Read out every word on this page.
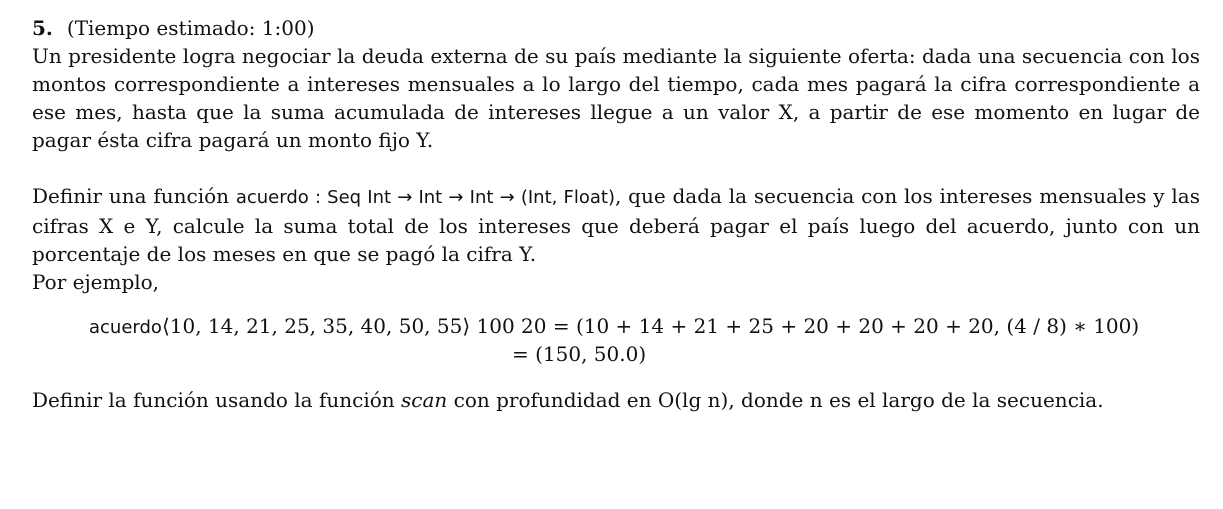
5. (Tiempo estimado: 1:00)

Un presidente logra negociar la deuda externa de su país mediante la siguiente oferta: dada una secuencia con los montos correspondiente a intereses mensuales a lo largo del tiempo, cada mes pagará la cifra correspondiente a ese mes, hasta que la suma acumulada de intereses llegue a un valor X, a partir de ese momento en lugar de pagar ésta cifra pagará un monto fijo Y.

Definir una función acuerdo : Seq Int → Int → Int → (Int, Float), que dada la secuencia con los intereses mensuales y las cifras X e Y, calcule la suma total de los intereses que deberá pagar el país luego del acuerdo, junto con un porcentaje de los meses en que se pagó la cifra Y.

Por ejemplo,

acuerdo⟨10, 14, 21, 25, 35, 40, 50, 55⟩ 100 20 = (10 + 14 + 21 + 25 + 20 + 20 + 20 + 20, (4 / 8) ∗ 100)
= (150, 50.0)

Definir la función usando la función scan con profundidad en O(lg n), donde n es el largo de la secuencia.
